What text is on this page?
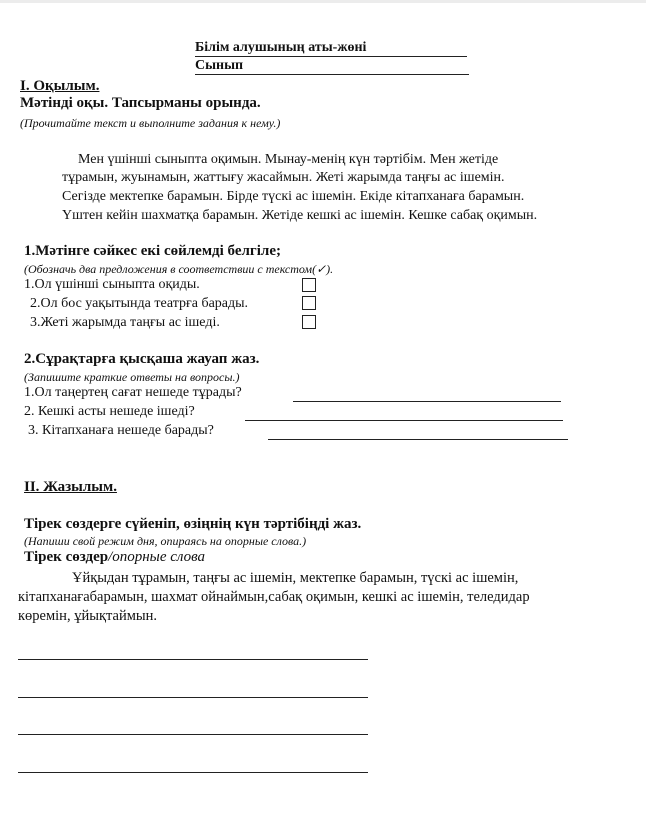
Білім алушының аты-жөні
Сынып
І. Оқылым.
Мәтінді оқы. Тапсырманы орында.
(Прочитайте текст и выполните задания к нему.)
Мен үшінші сыныпта оқимын. Мынау-менің күн тәртібім. Мен жетіде
тұрамын, жуынамын, жаттығу жасаймын. Жеті жарымда таңғы ас ішемін.
Сегізде мектепке барамын. Бірде түскі ас ішемін. Екіде кітапханаға барамын.
Үштен кейін шахматқа барамын. Жетіде кешкі ас ішемін. Кешке сабақ оқимын.
1.Мәтінге сәйкес екі сөйлемді белгіле;
(Обозначь два предложения в соответствии с текстом(✓).
1.Ол үшінші сыныпта оқиды.
2.Ол бос уақытында театрға барады.
3.Жеті жарымда таңғы ас ішеді.
2.Сұрақтарға қысқаша жауап жаз.
(Запишите краткие ответы на вопросы.)
1.Ол таңертең сағат нешеде тұрады?
2. Кешкі асты нешеде ішеді?
3. Кітапханаға нешеде барады?
ІІ. Жазылым.
Тірек сөздерге сүйеніп, өзіңнің күн тәртібіңді жаз.
(Напиши свой режим дня, опираясь на опорные слова.)
Тірек сөздер/опорные слова
Ұйқыдан тұрамын, таңғы ас ішемін, мектепке барамын, түскі ас ішемін,
кітапханағабарамын, шахмат ойнаймын,сабақ оқимын, кешкі ас ішемін, теледидар
көремін, ұйықтаймын.
